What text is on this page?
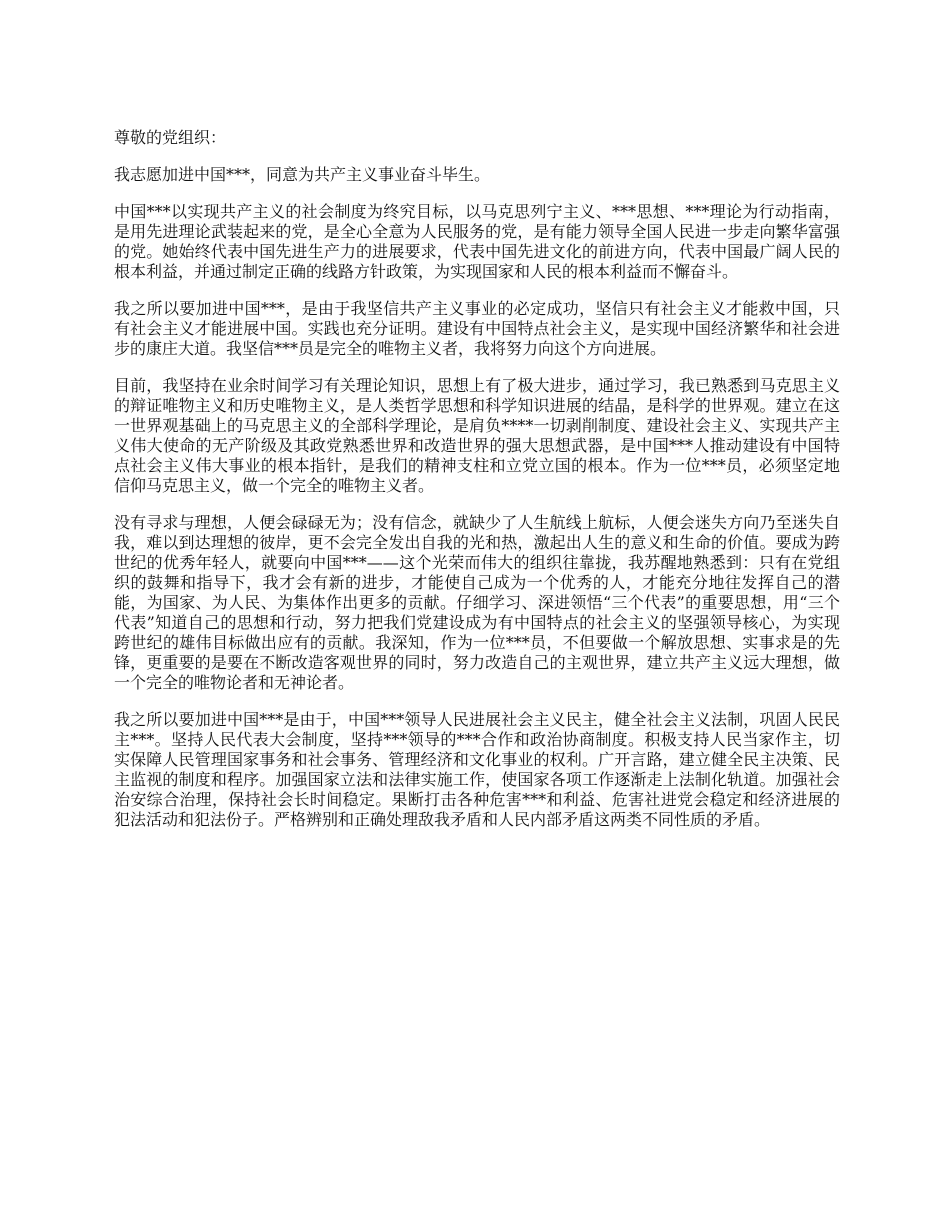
尊敬的党组织：

我志愿加进中国***，同意为共产主义事业奋斗毕生。

中国***以实现共产主义的社会制度为终究目标，以马克思列宁主义、***思想、***理论为行动指南，是用先进理论武装起来的党，是全心全意为人民服务的党，是有能力领导全国人民进一步走向繁华富强的党。她始终代表中国先进生产力的进展要求，代表中国先进文化的前进方向，代表中国最广阔人民的根本利益，并通过制定正确的线路方针政策，为实现国家和人民的根本利益而不懈奋斗。

我之所以要加进中国***，是由于我坚信共产主义事业的必定成功，坚信只有社会主义才能救中国，只有社会主义才能进展中国。实践也充分证明。建设有中国特点社会主义，是实现中国经济繁华和社会进步的康庄大道。我坚信***员是完全的唯物主义者，我将努力向这个方向进展。

目前，我坚持在业余时间学习有关理论知识，思想上有了极大进步，通过学习，我已熟悉到马克思主义的辩证唯物主义和历史唯物主义，是人类哲学思想和科学知识进展的结晶，是科学的世界观。建立在这一世界观基础上的马克思主义的全部科学理论，是肩负****一切剥削制度、建设社会主义、实现共产主义伟大使命的无产阶级及其政党熟悉世界和改造世界的强大思想武器，是中国***人推动建设有中国特点社会主义伟大事业的根本指针，是我们的精神支柱和立党立国的根本。作为一位***员，必须坚定地信仰马克思主义，做一个完全的唯物主义者。

没有寻求与理想，人便会碌碌无为；没有信念，就缺少了人生航线上航标，人便会迷失方向乃至迷失自我，难以到达理想的彼岸，更不会完全发出自我的光和热，激起出人生的意义和生命的价值。要成为跨世纪的优秀年轻人，就要向中国***——这个光荣而伟大的组织往靠拢，我苏醒地熟悉到：只有在党组织的鼓舞和指导下，我才会有新的进步，才能使自己成为一个优秀的人，才能充分地往发挥自己的潜能，为国家、为人民、为集体作出更多的贡献。仔细学习、深进领悟“三个代表”的重要思想，用“三个代表”知道自己的思想和行动，努力把我们党建设成为有中国特点的社会主义的坚强领导核心，为实现跨世纪的雄伟目标做出应有的贡献。我深知，作为一位***员，不但要做一个解放思想、实事求是的先锋，更重要的是要在不断改造客观世界的同时，努力改造自己的主观世界，建立共产主义远大理想，做一个完全的唯物论者和无神论者。

我之所以要加进中国***是由于，中国***领导人民进展社会主义民主，健全社会主义法制，巩固人民民主***。坚持人民代表大会制度，坚持***领导的***合作和政治协商制度。积极支持人民当家作主，切实保障人民管理国家事务和社会事务、管理经济和文化事业的权利。广开言路，建立健全民主决策、民主监视的制度和程序。加强国家立法和法律实施工作，使国家各项工作逐渐走上法制化轨道。加强社会治安综合治理，保持社会长时间稳定。果断打击各种危害***和利益、危害社进党会稳定和经济进展的犯法活动和犯法份子。严格辨别和正确处理敌我矛盾和人民内部矛盾这两类不同性质的矛盾。
